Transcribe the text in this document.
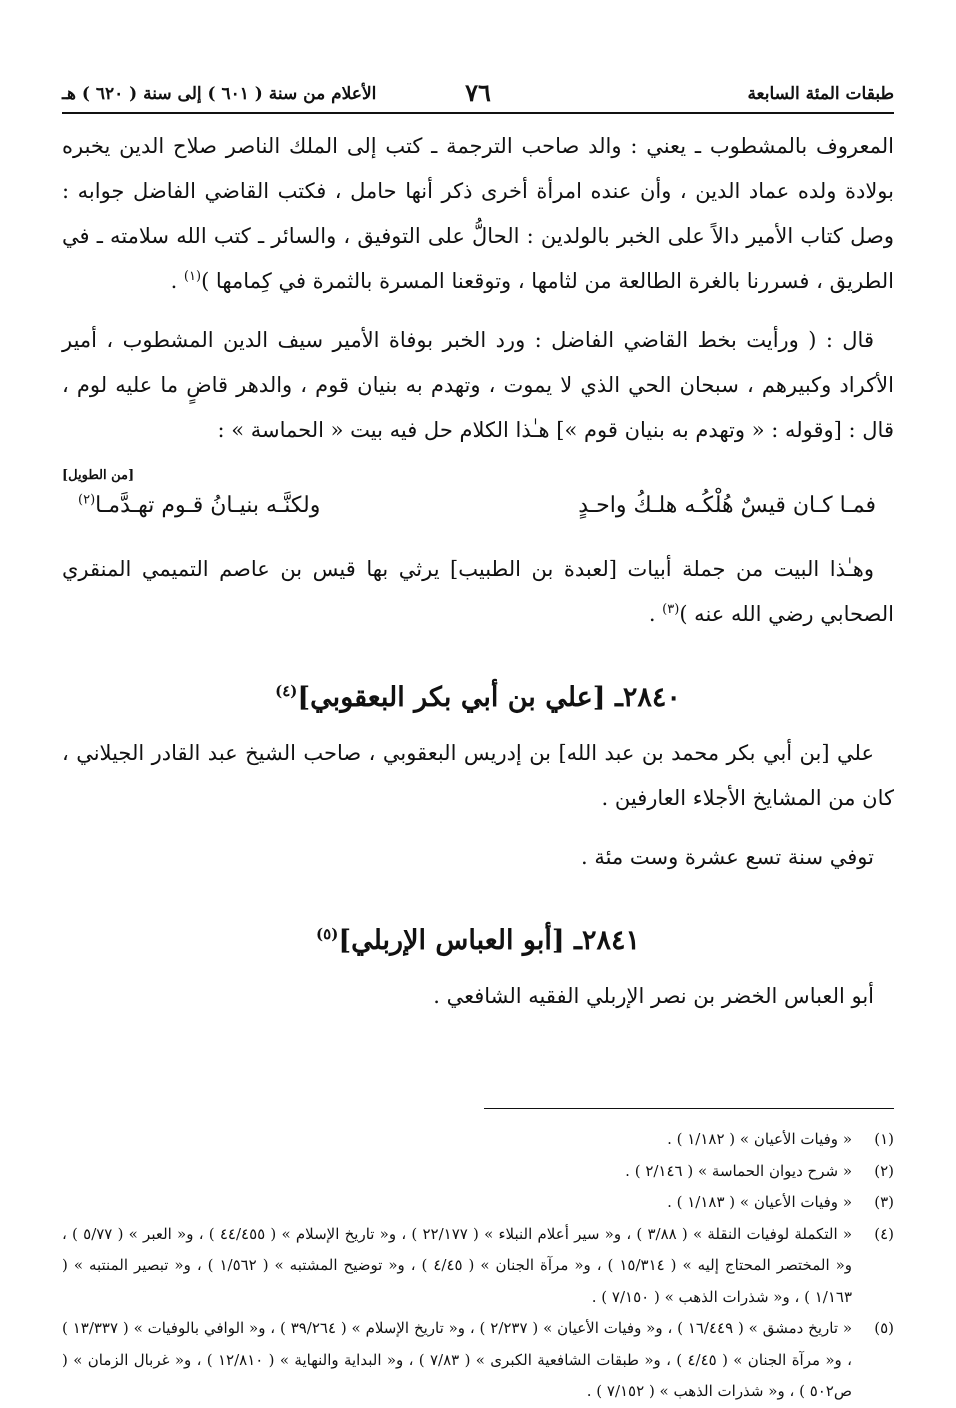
طبقات المئة السابعة
٧٦
الأعلام من سنة ( ٦٠١ ) إلى سنة ( ٦٢٠ ) هـ

المعروف بالمشطوب ـ يعني : والد صاحب الترجمة ـ كتب إلى الملك الناصر صلاح الدين يخبره بولادة ولده عماد الدين ، وأن عنده امرأة أخرى ذكر أنها حامل ، فكتب القاضي الفاضل جوابه : وصل كتاب الأمير دالاً على الخبر بالولدين : الحالُّ على التوفيق ، والسائر ـ كتب الله سلامته ـ في الطريق ، فسررنا بالغرة الطالعة من لثامها ، وتوقعنا المسرة بالثمرة في كِمامها )$^{(١)}$ .

قال : ( ورأيت بخط القاضي الفاضل : ورد الخبر بوفاة الأمير سيف الدين المشطوب ، أمير الأكراد وكبيرهم ، سبحان الحي الذي لا يموت ، وتهدم به بنيان قوم ، والدهر قاضٍ ما عليه لوم ، قال : [وقوله : « وتهدم به بنيان قوم »] هـٰذا الكلام حل فيه بيت « الحماسة » :

[من الطويل]
فمـا كـان قيسٌ هُلْكُـه هلـكُ واحـدٍ
ولكنَّـه بنيـانُ قـوم تهـدَّمـا$^{(٢)}$

وهـٰذا البيت من جملة أبيات [لعبدة بن الطبيب] يرثي بها قيس بن عاصم التميمي المنقري الصحابي رضي الله عنه )$^{(٣)}$ .

٢٨٤٠ـ [علي بن أبي بكر البعقوبي]$^{(٤)}$

علي [بن أبي بكر محمد بن عبد الله] بن إدريس البعقوبي ، صاحب الشيخ عبد القادر الجيلاني ، كان من المشايخ الأجلاء العارفين .

توفي سنة تسع عشرة وست مئة .

٢٨٤١ـ [أبو العباس الإربلي]$^{(٥)}$

أبو العباس الخضر بن نصر الإربلي الفقيه الشافعي .

(١)
« وفيات الأعيان » ( ١/١٨٢ ) .
(٢)
« شرح ديوان الحماسة » ( ٢/١٤٦ ) .
(٣)
« وفيات الأعيان » ( ١/١٨٣ ) .
(٤)
« التكملة لوفيات النقلة » ( ٣/٨٨ ) ، و« سير أعلام النبلاء » ( ٢٢/١٧٧ ) ، و« تاريخ الإسلام » ( ٤٤/٤٥٥ ) ، و« العبر » ( ٥/٧٧ ) ، و« المختصر المحتاج إليه » ( ١٥/٣١٤ ) ، و« مرآة الجنان » ( ٤/٤٥ ) ، و« توضيح المشتبه » ( ١/٥٦٢ ) ، و« تبصير المنتبه » ( ١/١٦٣ ) ، و« شذرات الذهب » ( ٧/١٥٠ ) .
(٥)
« تاريخ دمشق » ( ١٦/٤٤٩ ) ، و« وفيات الأعيان » ( ٢/٢٣٧ ) ، و« تاريخ الإسلام » ( ٣٩/٢٦٤ ) ، و« الوافي بالوفيات » ( ١٣/٣٣٧ ) ، و« مرآة الجنان » ( ٤/٤٥ ) ، و« طبقات الشافعية الكبرى » ( ٧/٨٣ ) ، و« البداية والنهاية » ( ١٢/٨١٠ ) ، و« غربال الزمان » ( ص٥٠٢ ) ، و« شذرات الذهب » ( ٧/١٥٢ ) .
